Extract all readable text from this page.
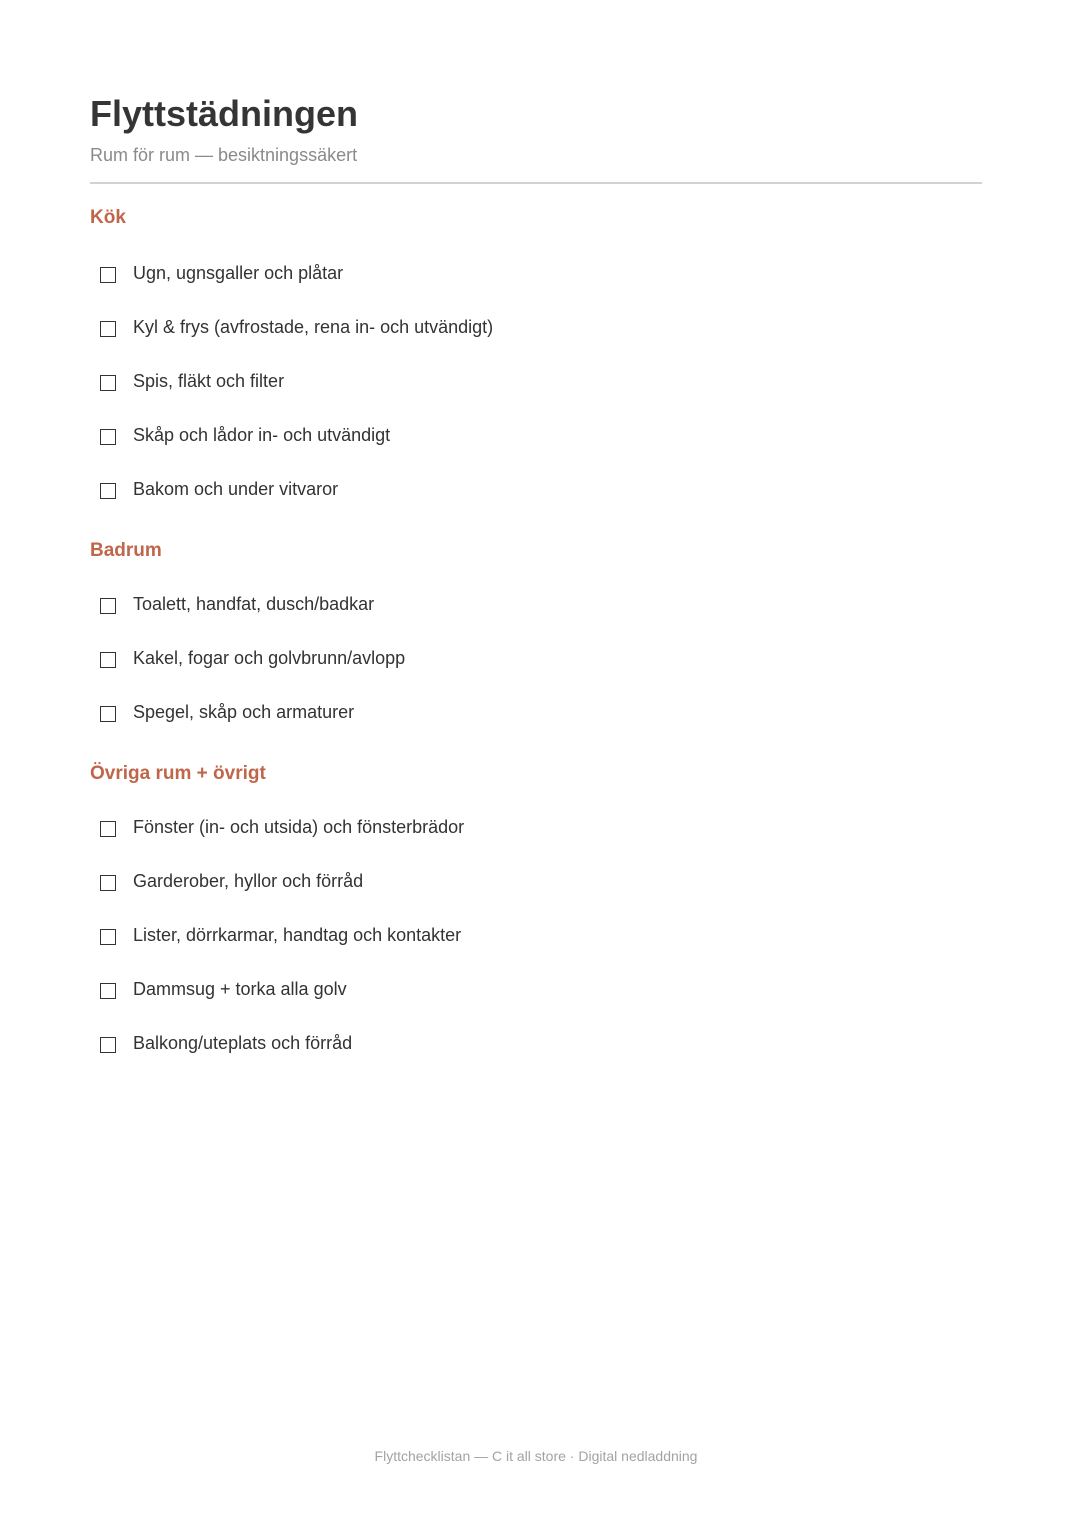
Flyttstädningen
Rum för rum — besiktningssäkert
Kök
Ugn, ugnsgaller och plåtar
Kyl & frys (avfrostade, rena in- och utvändigt)
Spis, fläkt och filter
Skåp och lådor in- och utvändigt
Bakom och under vitvaror
Badrum
Toalett, handfat, dusch/badkar
Kakel, fogar och golvbrunn/avlopp
Spegel, skåp och armaturer
Övriga rum + övrigt
Fönster (in- och utsida) och fönsterbrädor
Garderober, hyllor och förråd
Lister, dörrkarmar, handtag och kontakter
Dammsug + torka alla golv
Balkong/uteplats och förråd
Flyttchecklistan — C it all store · Digital nedladdning
